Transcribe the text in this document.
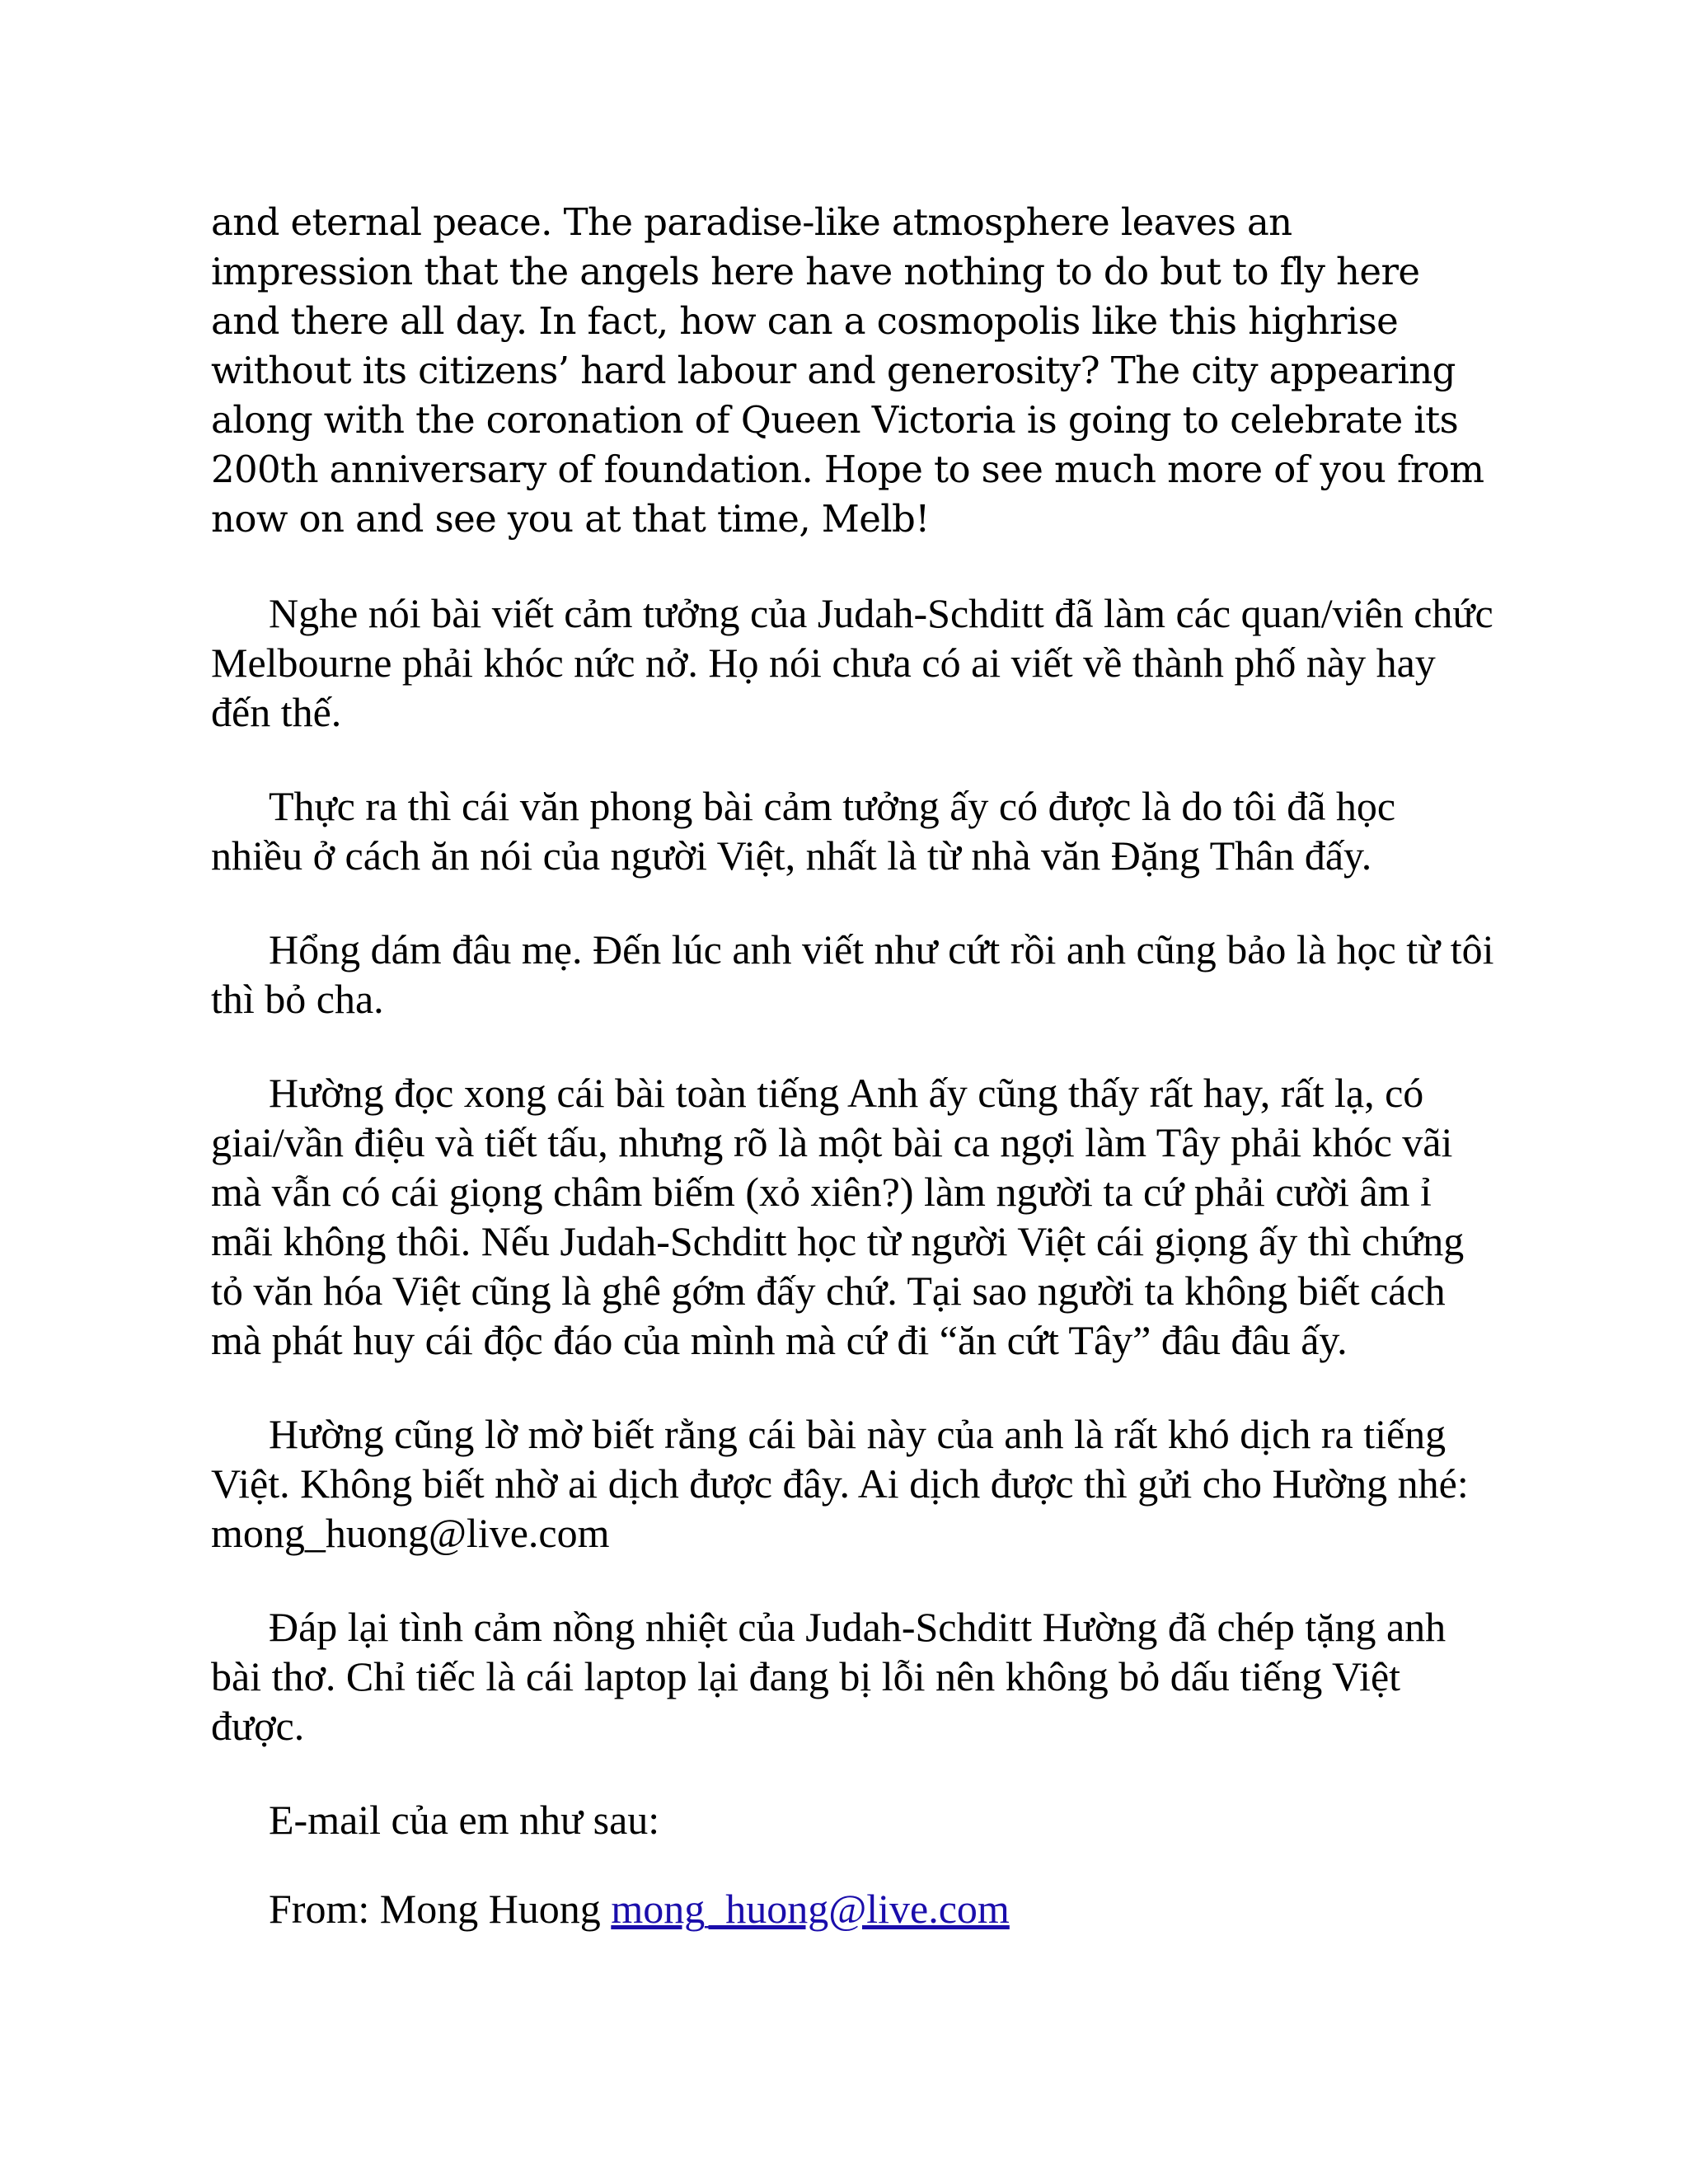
and eternal peace. The paradise-like atmosphere leaves an impression that the angels here have nothing to do but to fly here and there all day. In fact, how can a cosmopolis like this highrise without its citizens’ hard labour and generosity? The city appearing along with the coronation of Queen Victoria is going to celebrate its 200th anniversary of foundation. Hope to see much more of you from now on and see you at that time, Melb!

Nghe nói bài viết cảm tưởng của Judah-Schditt đã làm các quan/viên chức Melbourne phải khóc nức nở. Họ nói chưa có ai viết về thành phố này hay đến thế.

Thực ra thì cái văn phong bài cảm tưởng ấy có được là do tôi đã học nhiều ở cách ăn nói của người Việt, nhất là từ nhà văn Đặng Thân đấy.

Hổng dám đâu mẹ. Đến lúc anh viết như cứt rồi anh cũng bảo là học từ tôi thì bỏ cha.

Hường đọc xong cái bài toàn tiếng Anh ấy cũng thấy rất hay, rất lạ, có giai/vần điệu và tiết tấu, nhưng rõ là một bài ca ngợi làm Tây phải khóc vãi mà vẫn có cái giọng châm biếm (xỏ xiên?) làm người ta cứ phải cười âm ỉ mãi không thôi. Nếu Judah-Schditt học từ người Việt cái giọng ấy thì chứng tỏ văn hóa Việt cũng là ghê gớm đấy chứ. Tại sao người ta không biết cách mà phát huy cái độc đáo của mình mà cứ đi “ăn cứt Tây” đâu đâu ấy.

Hường cũng lờ mờ biết rằng cái bài này của anh là rất khó dịch ra tiếng Việt. Không biết nhờ ai dịch được đây. Ai dịch được thì gửi cho Hường nhé: mong_huong@live.com

Đáp lại tình cảm nồng nhiệt của Judah-Schditt Hường đã chép tặng anh bài thơ. Chỉ tiếc là cái laptop lại đang bị lỗi nên không bỏ dấu tiếng Việt được.

E-mail của em như sau:

From: Mong Huong mong_huong@live.com
